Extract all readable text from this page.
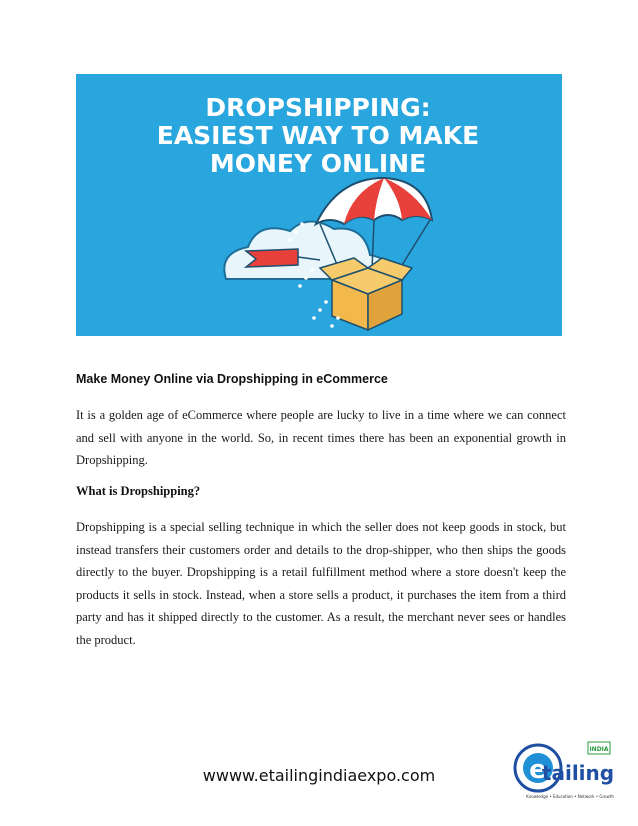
DROPSHIPPING:
EASIEST WAY TO MAKE
MONEY ONLINE
Make Money Online via Dropshipping in eCommerce
It is a golden age of eCommerce where people are lucky to live in a time where we can connect and sell with anyone in the world. So, in recent times there has been an exponential growth in Dropshipping.
What is Dropshipping?
Dropshipping is a special selling technique in which the seller does not keep goods in stock, but instead transfers their customers order and details to the drop-shipper, who then ships the goods directly to the buyer. Dropshipping is a retail fulfillment method where a store doesn't keep the products it sells in stock. Instead, when a store sells a product, it purchases the item from a third party and has it shipped directly to the customer. As a result, the merchant never sees or handles the product.
wwww.etailingindiaexpo.com	e
tailing
INDIA
Knowledge • Education • Network • Growth
